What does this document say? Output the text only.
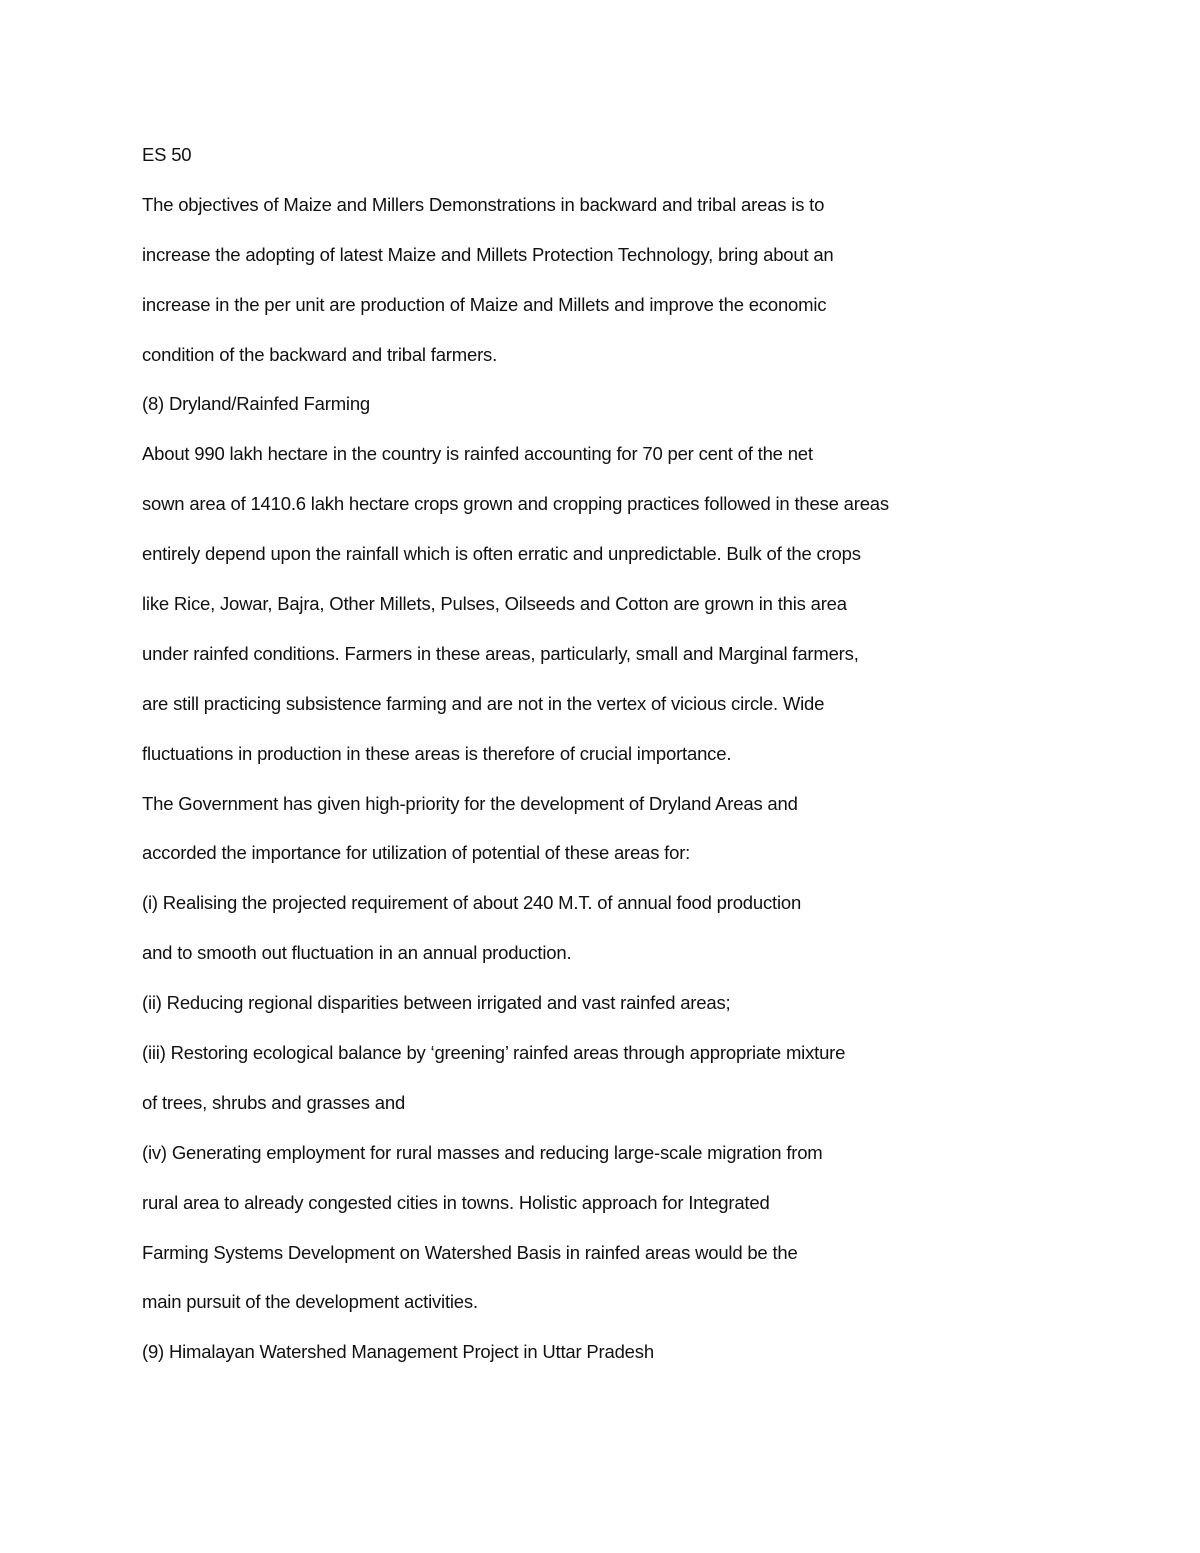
ES 50
The objectives of Maize and Millers Demonstrations in backward and tribal areas is to
increase the adopting of latest Maize and Millets Protection Technology, bring about an
increase in the per unit are production of Maize and Millets and improve the economic
condition of the backward and tribal farmers.
(8) Dryland/Rainfed Farming
About 990 lakh hectare in the country is rainfed accounting for 70 per cent of the net
sown area of 1410.6 lakh hectare crops grown and cropping practices followed in these areas
entirely depend upon the rainfall which is often erratic and unpredictable. Bulk of the crops
like Rice, Jowar, Bajra, Other Millets, Pulses, Oilseeds and Cotton are grown in this area
under rainfed conditions. Farmers in these areas, particularly, small and Marginal farmers,
are still practicing subsistence farming and are not in the vertex of vicious circle. Wide
fluctuations in production in these areas is therefore of crucial importance.
The Government has given high-priority for the development of Dryland Areas and
accorded the importance for utilization of potential of these areas for:
(i) Realising the projected requirement of about 240 M.T. of annual food production
and to smooth out fluctuation in an annual production.
(ii) Reducing regional disparities between irrigated and vast rainfed areas;
(iii) Restoring ecological balance by ‘greening’ rainfed areas through appropriate mixture
of trees, shrubs and grasses and
(iv) Generating employment for rural masses and reducing large-scale migration from
rural area to already congested cities in towns. Holistic approach for Integrated
Farming Systems Development on Watershed Basis in rainfed areas would be the
main pursuit of the development activities.
(9) Himalayan Watershed Management Project in Uttar Pradesh
